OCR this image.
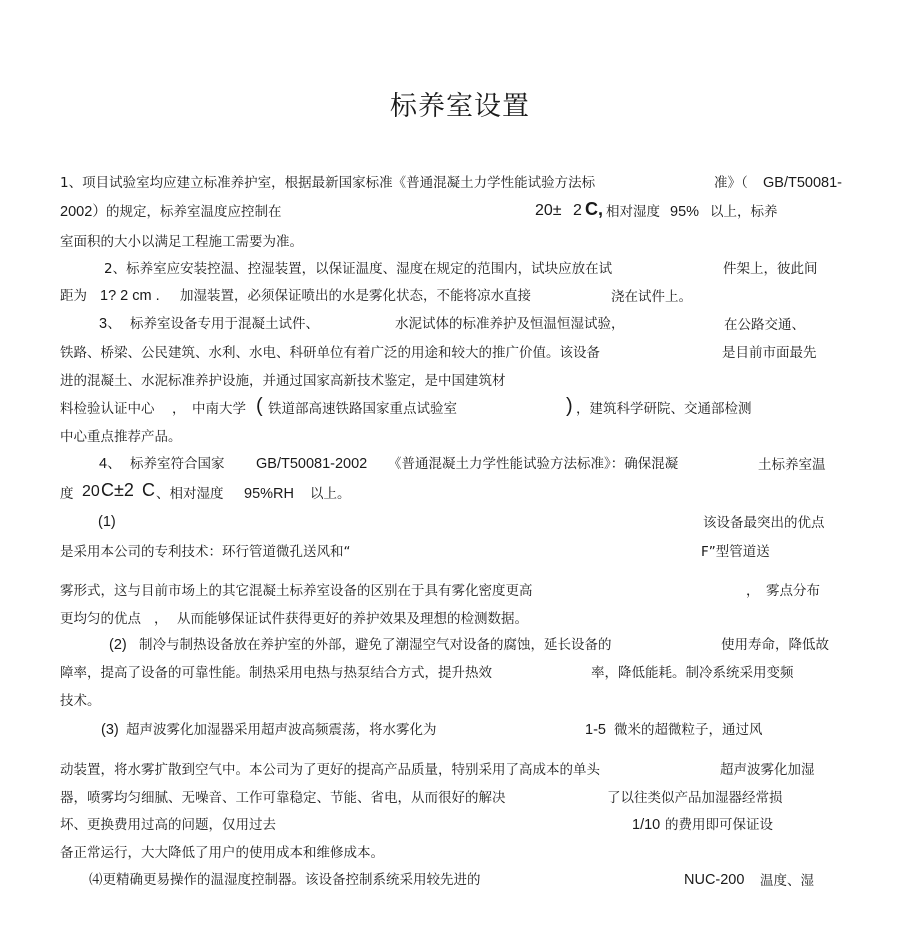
标养室设置
1、项目试验室均应建立标准养护室，根据最新国家标准《普通混凝土力学性能试验方法标	准》（ GB/T50081-
2002） 的规定，标养室温度应控制在	20± 2 C, 相对湿度 95% 以上，标养
室面积的大小以满足工程施工需要为准。
2、标养室应安装控温、控湿装置，以保证温度、湿度在规定的范围内，试块应放在试	件架上，彼此间
距为 1? 2 cm . 加湿装置，必须保证喷出的水是雾化状态，不能将凉水直接	浇在试件上。
3、 标养室设备专用于混凝土试件、	水泥试体的标准养护及恒温恒湿试验，	在公路交通、
铁路、桥梁、公民建筑、水利、水电、科研单位有着广泛的用途和较大的推广价值。该设备	是目前市面最先
进的混凝土、水泥标准养护设施，并通过国家高新技术鉴定，是中国建筑材
料检验认证中心 ， 中南大学 ( 铁道部高速铁路国家重点试验室	) ，建筑科学研院、交通部检测
中心重点推荐产品。
4、 标养室符合国家 GB/T50081-2002 《普通混凝土力学性能试验方法标准》：确保混凝	土标养室温
度 20 C±2 C 、相对湿度 95%RH 以上。
(1)	该设备最突出的优点
是采用本公司的专利技术：环行管道微孔送风和“	F”型管道送
雾形式，这与目前市场上的其它混凝土标养室设备的区别在于具有雾化密度更高	， 雾点分布
更均匀的优点 ， 从而能够保证试件获得更好的养护效果及理想的检测数据。
(2) 制冷与制热设备放在养护室的外部，避免了潮湿空气对设备的腐蚀，延长设备的	使用寿命，降低故
障率，提高了设备的可靠性能。制热采用电热与热泵结合方式，提升热效	率，降低能耗。制冷系统采用变频
技术。
(3) 超声波雾化加湿器采用超声波高频震荡，将水雾化为	1-5 微米的超微粒子，通过风
动装置，将水雾扩散到空气中。本公司为了更好的提高产品质量，特别采用了高成本的单头	超声波雾化加湿
器，喷雾均匀细腻、无噪音、工作可靠稳定、节能、省电，从而很好的解决	了以往类似产品加湿器经常损
坏、更换费用过高的问题，仅用过去	1/10 的费用即可保证设
备正常运行，大大降低了用户的使用成本和维修成本。
⑷更精确更易操作的温湿度控制器。该设备控制系统采用较先进的	NUC-200 温度、湿
